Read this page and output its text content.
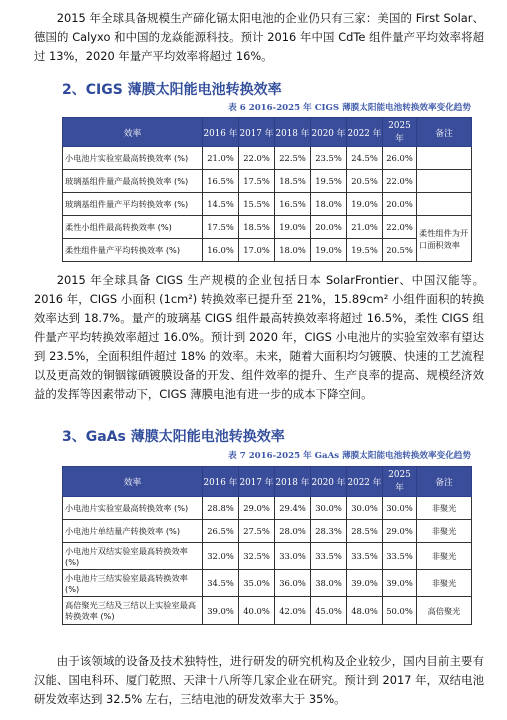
2015 年全球具备规模生产碲化镉太阳电池的企业仍只有三家：美国的 First Solar、德国的 Calyxo 和中国的龙焱能源科技。预计 2016 年中国 CdTe 组件量产平均效率将超过 13%，2020 年量产平均效率将超过 16%。

2、CIGS 薄膜太阳能电池转换效率

表 6 2016-2025 年 CIGS 薄膜太阳能电池转换效率变化趋势

效率	2016 年	2017 年	2018 年	2020 年	2022 年	2025 年	备注
小电池片实验室最高转换效率 (%)	21.0%	22.0%	22.5%	23.5%	24.5%	26.0%	
玻璃基组件量产最高转换效率 (%)	16.5%	17.5%	18.5%	19.5%	20.5%	22.0%	
玻璃基组件量产平均转换效率 (%)	14.5%	15.5%	16.5%	18.0%	19.0%	20.0%	
柔性小组件最高转换效率 (%)	17.5%	18.5%	19.0%	20.0%	21.0%	22.0%	柔性组件为开口面积效率
柔性组件量产平均转换效率 (%)	16.0%	17.0%	18.0%	19.0%	19.5%	20.5%	

2015 年全球具备 CIGS 生产规模的企业包括日本 SolarFrontier、中国汉能等。2016 年，CIGS 小面积 (1cm²) 转换效率已提升至 21%，15.89cm² 小组件面积的转换效率达到 18.7%。量产的玻璃基 CIGS 组件最高转换效率将超过 16.5%，柔性 CIGS 组件量产平均转换效率超过 16.0%。预计到 2020 年，CIGS 小电池片的实验室效率有望达到 23.5%，全面积组件超过 18% 的效率。未来，随着大面积均匀镀膜、快速的工艺流程以及更高效的铜铟镓硒镀膜设备的开发、组件效率的提升、生产良率的提高、规模经济效益的发挥等因素带动下，CIGS 薄膜电池有进一步的成本下降空间。

3、GaAs 薄膜太阳能电池转换效率

表 7 2016-2025 年 GaAs 薄膜太阳能电池转换效率变化趋势

效率	2016 年	2017 年	2018 年	2020 年	2022 年	2025 年	备注
小电池片实验室最高转换效率 (%)	28.8%	29.0%	29.4%	30.0%	30.0%	30.0%	非聚光
小电池片单结量产转换效率 (%)	26.5%	27.5%	28.0%	28.3%	28.5%	29.0%	非聚光
小电池片双结实验室最高转换效率 (%)	32.0%	32.5%	33.0%	33.5%	33.5%	33.5%	非聚光
小电池片三结实验室最高转换效率 (%)	34.5%	35.0%	36.0%	38.0%	39.0%	39.0%	非聚光
高倍聚光三结及三结以上实验室最高转换效率 (%)	39.0%	40.0%	42.0%	45.0%	48.0%	50.0%	高倍聚光

由于该领域的设备及技术独特性，进行研发的研究机构及企业较少，国内目前主要有汉能、国电科环、厦门乾照、天津十八所等几家企业在研究。预计到 2017 年，双结电池研发效率达到 32.5% 左右，三结电池的研发效率大于 35%。
